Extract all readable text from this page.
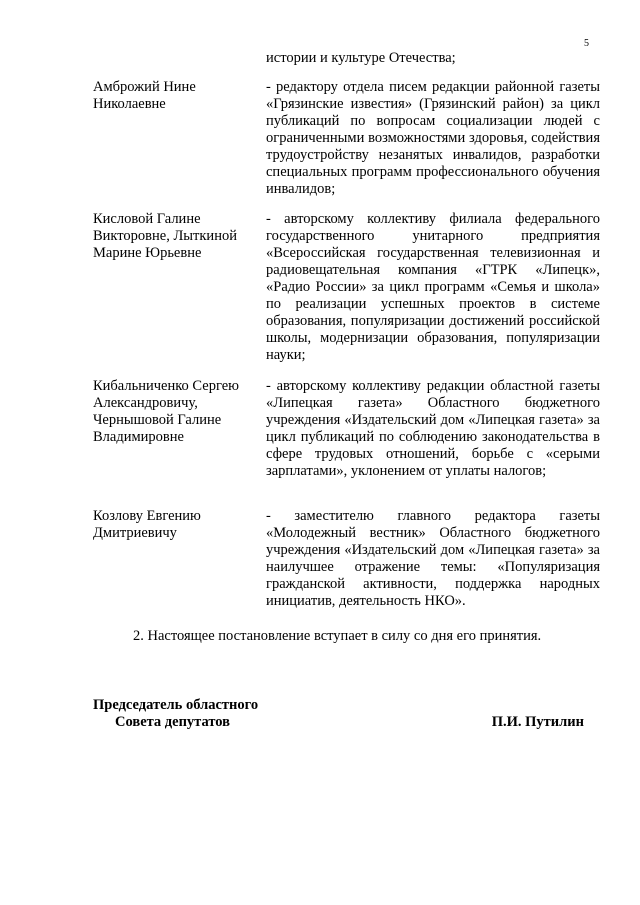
5
истории и культуре Отечества;
Амброжий Нине Николаевне
- редактору отдела писем редакции районной газеты «Грязинские известия» (Грязинский район) за цикл публикаций по вопросам социализации людей с ограниченными возможностями здоровья, содействия трудоустройству незанятых инвалидов, разработки специальных программ профессионального обучения инвалидов;
Кисловой Галине Викторовне, Лыткиной Марине Юрьевне
- авторскому коллективу филиала федерального государственного унитарного предприятия «Всероссийская государственная телевизионная и радиовещательная компания «ГТРК «Липецк», «Радио России» за цикл программ «Семья и школа» по реализации успешных проектов в системе образования, популяризации достижений российской школы, модернизации образования, популяризации науки;
Кибальниченко Сергею Александровичу, Чернышовой Галине Владимировне
- авторскому коллективу редакции областной газеты «Липецкая газета» Областного бюджетного учреждения «Издательский дом «Липецкая газета» за цикл публикаций по соблюдению законодательства в сфере трудовых отношений, борьбе с «серыми зарплатами», уклонением от уплаты налогов;
Козлову Евгению Дмитриевичу
- заместителю главного редактора газеты «Молодежный вестник» Областного бюджетного учреждения «Издательский дом «Липецкая газета» за наилучшее отражение темы: «Популяризация гражданской активности, поддержка народных инициатив, деятельность НКО».
2. Настоящее постановление вступает в силу со дня его принятия.
Председатель областного
Совета депутатов	П.И. Путилин
